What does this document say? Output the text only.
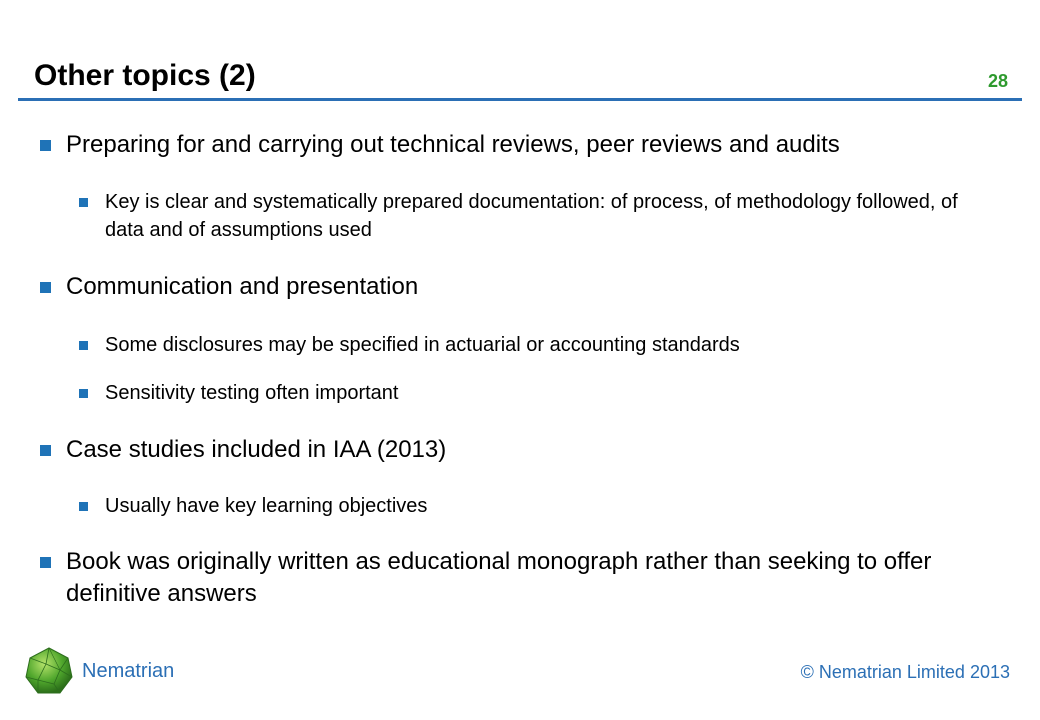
Other topics (2)	28
Preparing for and carrying out technical reviews, peer reviews and audits
Key is clear and systematically prepared documentation: of process, of methodology followed, of data and of assumptions used
Communication and presentation
Some disclosures may be specified in actuarial or accounting standards
Sensitivity testing often important
Case studies included in IAA (2013)
Usually have key learning objectives
Book was originally written as educational monograph rather than seeking to offer definitive answers
Nematrian	© Nematrian Limited 2013
